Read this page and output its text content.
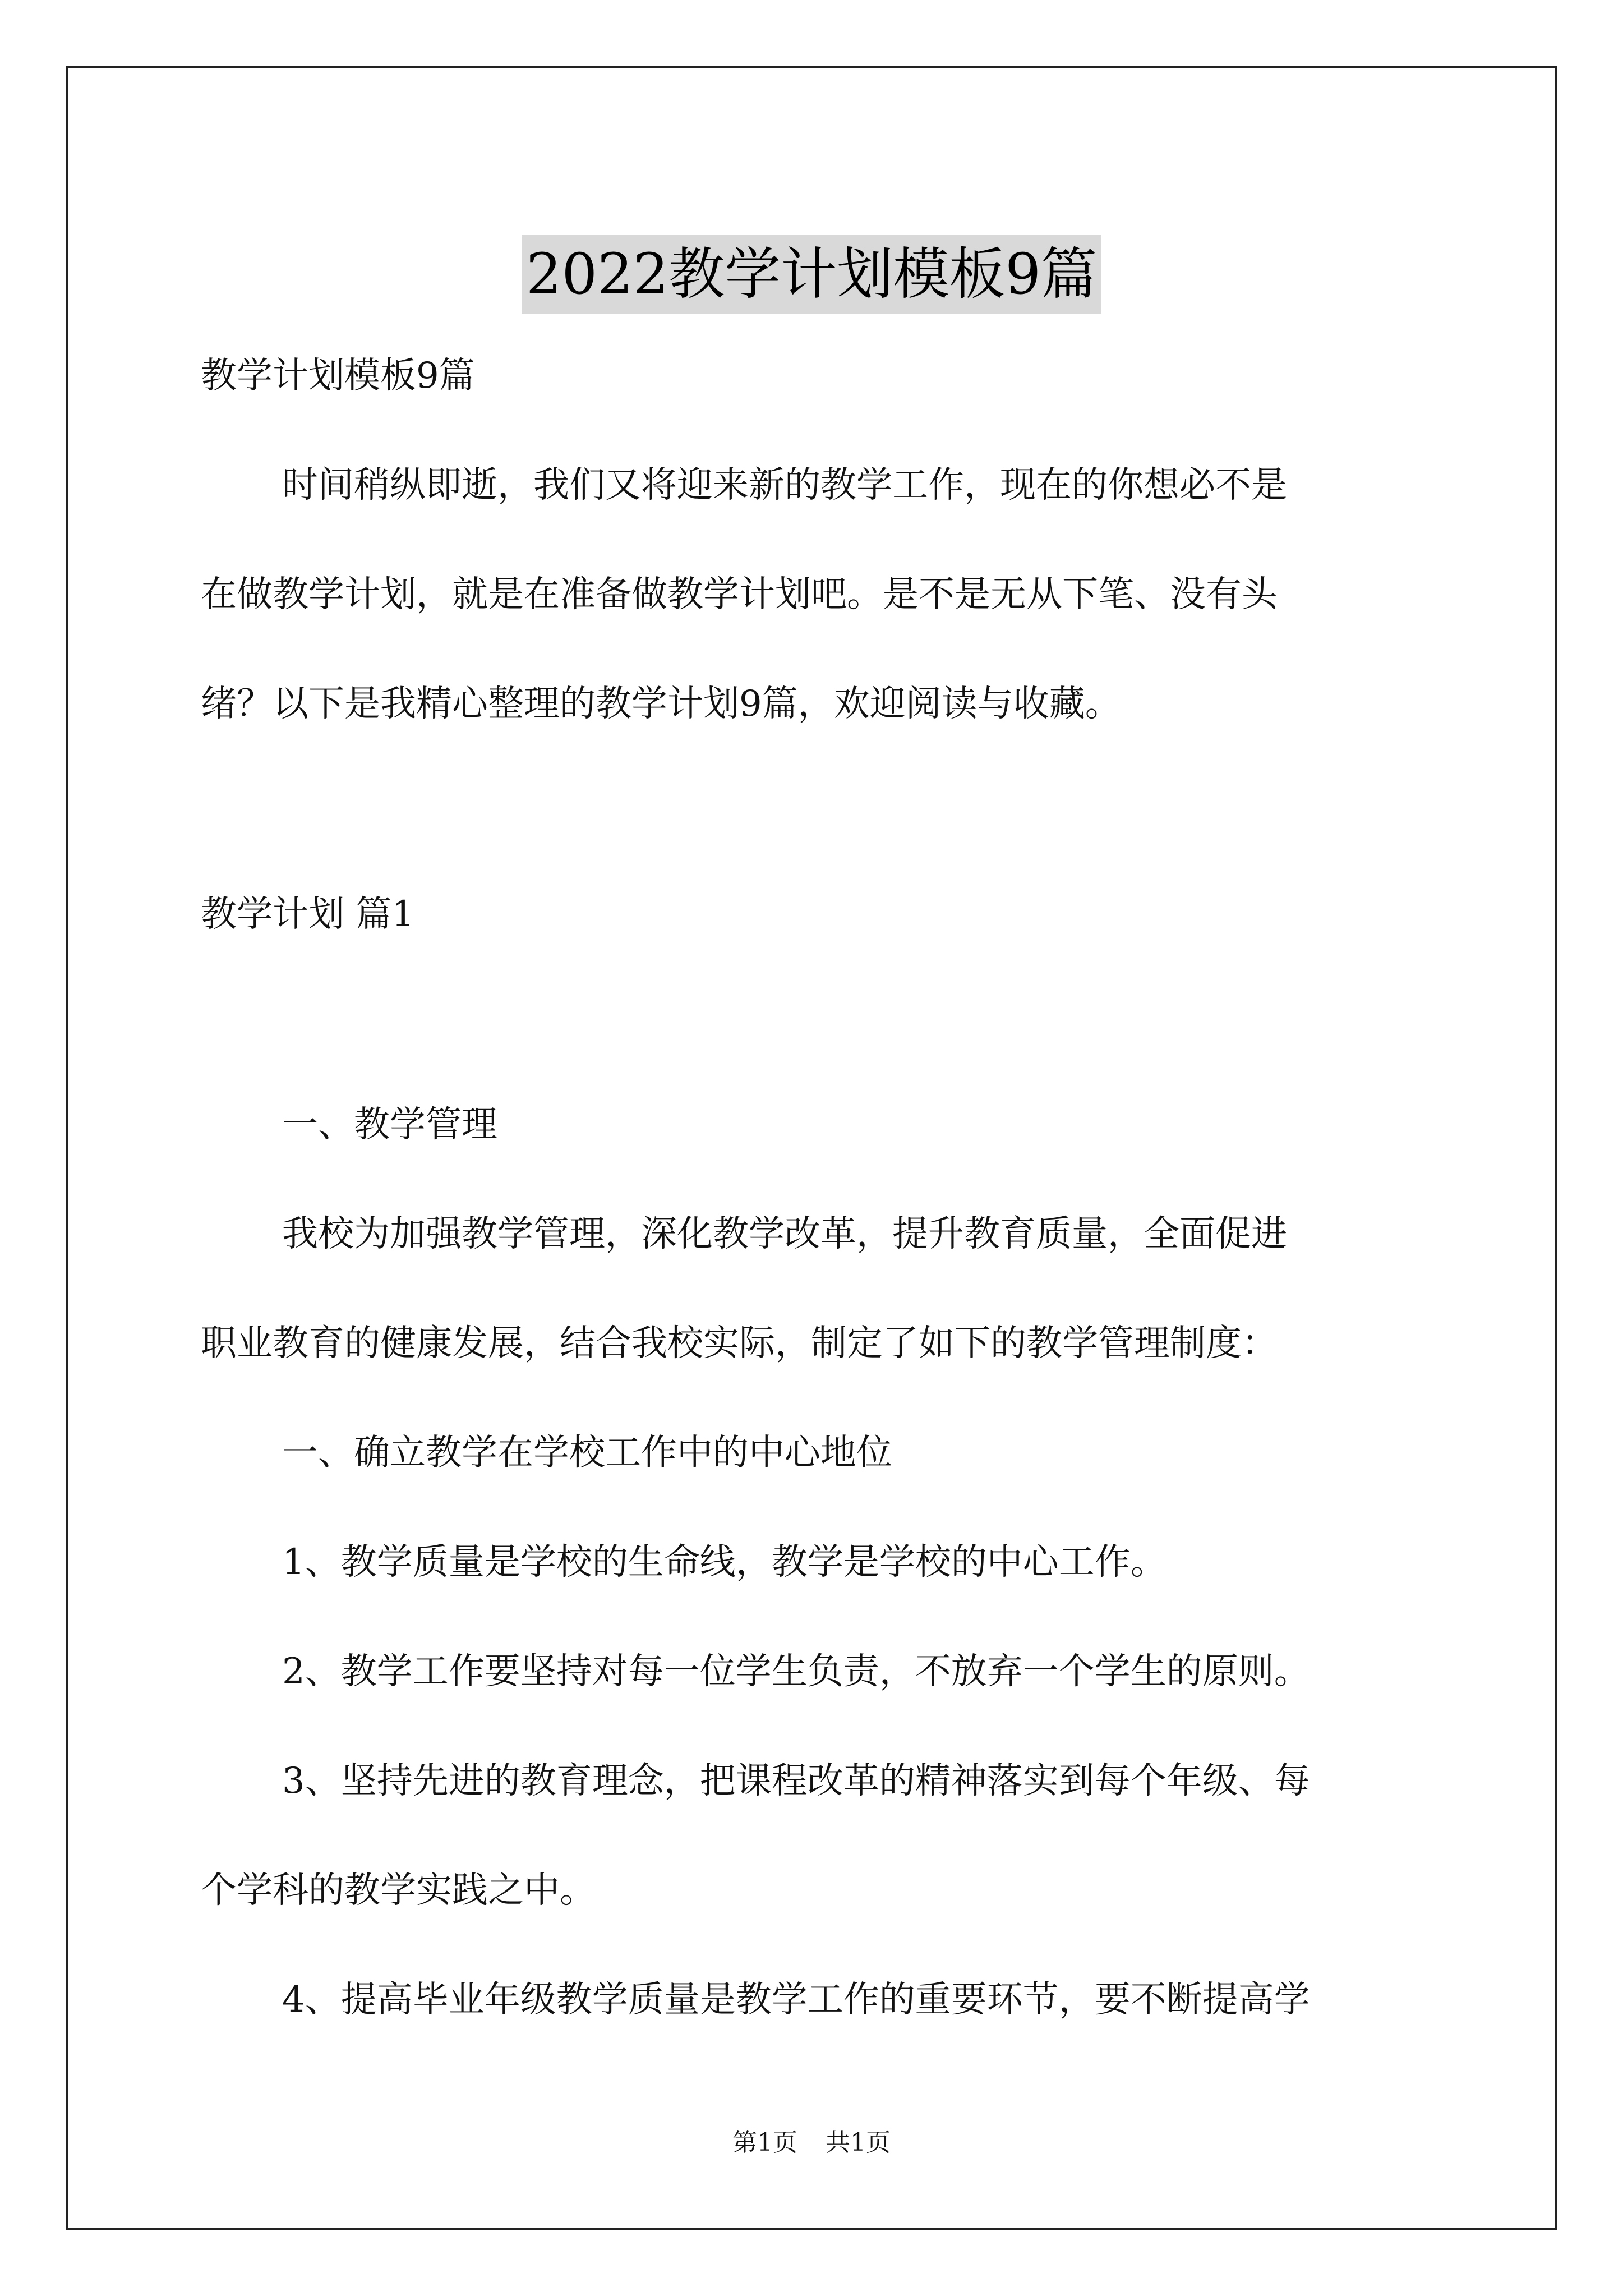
2022教学计划模板9篇
教学计划模板9篇
时间稍纵即逝，我们又将迎来新的教学工作，现在的你想必不是
在做教学计划，就是在准备做教学计划吧。是不是无从下笔、没有头
绪？以下是我精心整理的教学计划9篇，欢迎阅读与收藏。
教学计划 篇1
一、教学管理
我校为加强教学管理，深化教学改革，提升教育质量，全面促进
职业教育的健康发展，结合我校实际，制定了如下的教学管理制度：
一、确立教学在学校工作中的中心地位
1、教学质量是学校的生命线，教学是学校的中心工作。
2、教学工作要坚持对每一位学生负责，不放弃一个学生的原则。
3、坚持先进的教育理念，把课程改革的精神落实到每个年级、每
个学科的教学实践之中。
4、提高毕业年级教学质量是教学工作的重要环节，要不断提高学
第1页 共1页
